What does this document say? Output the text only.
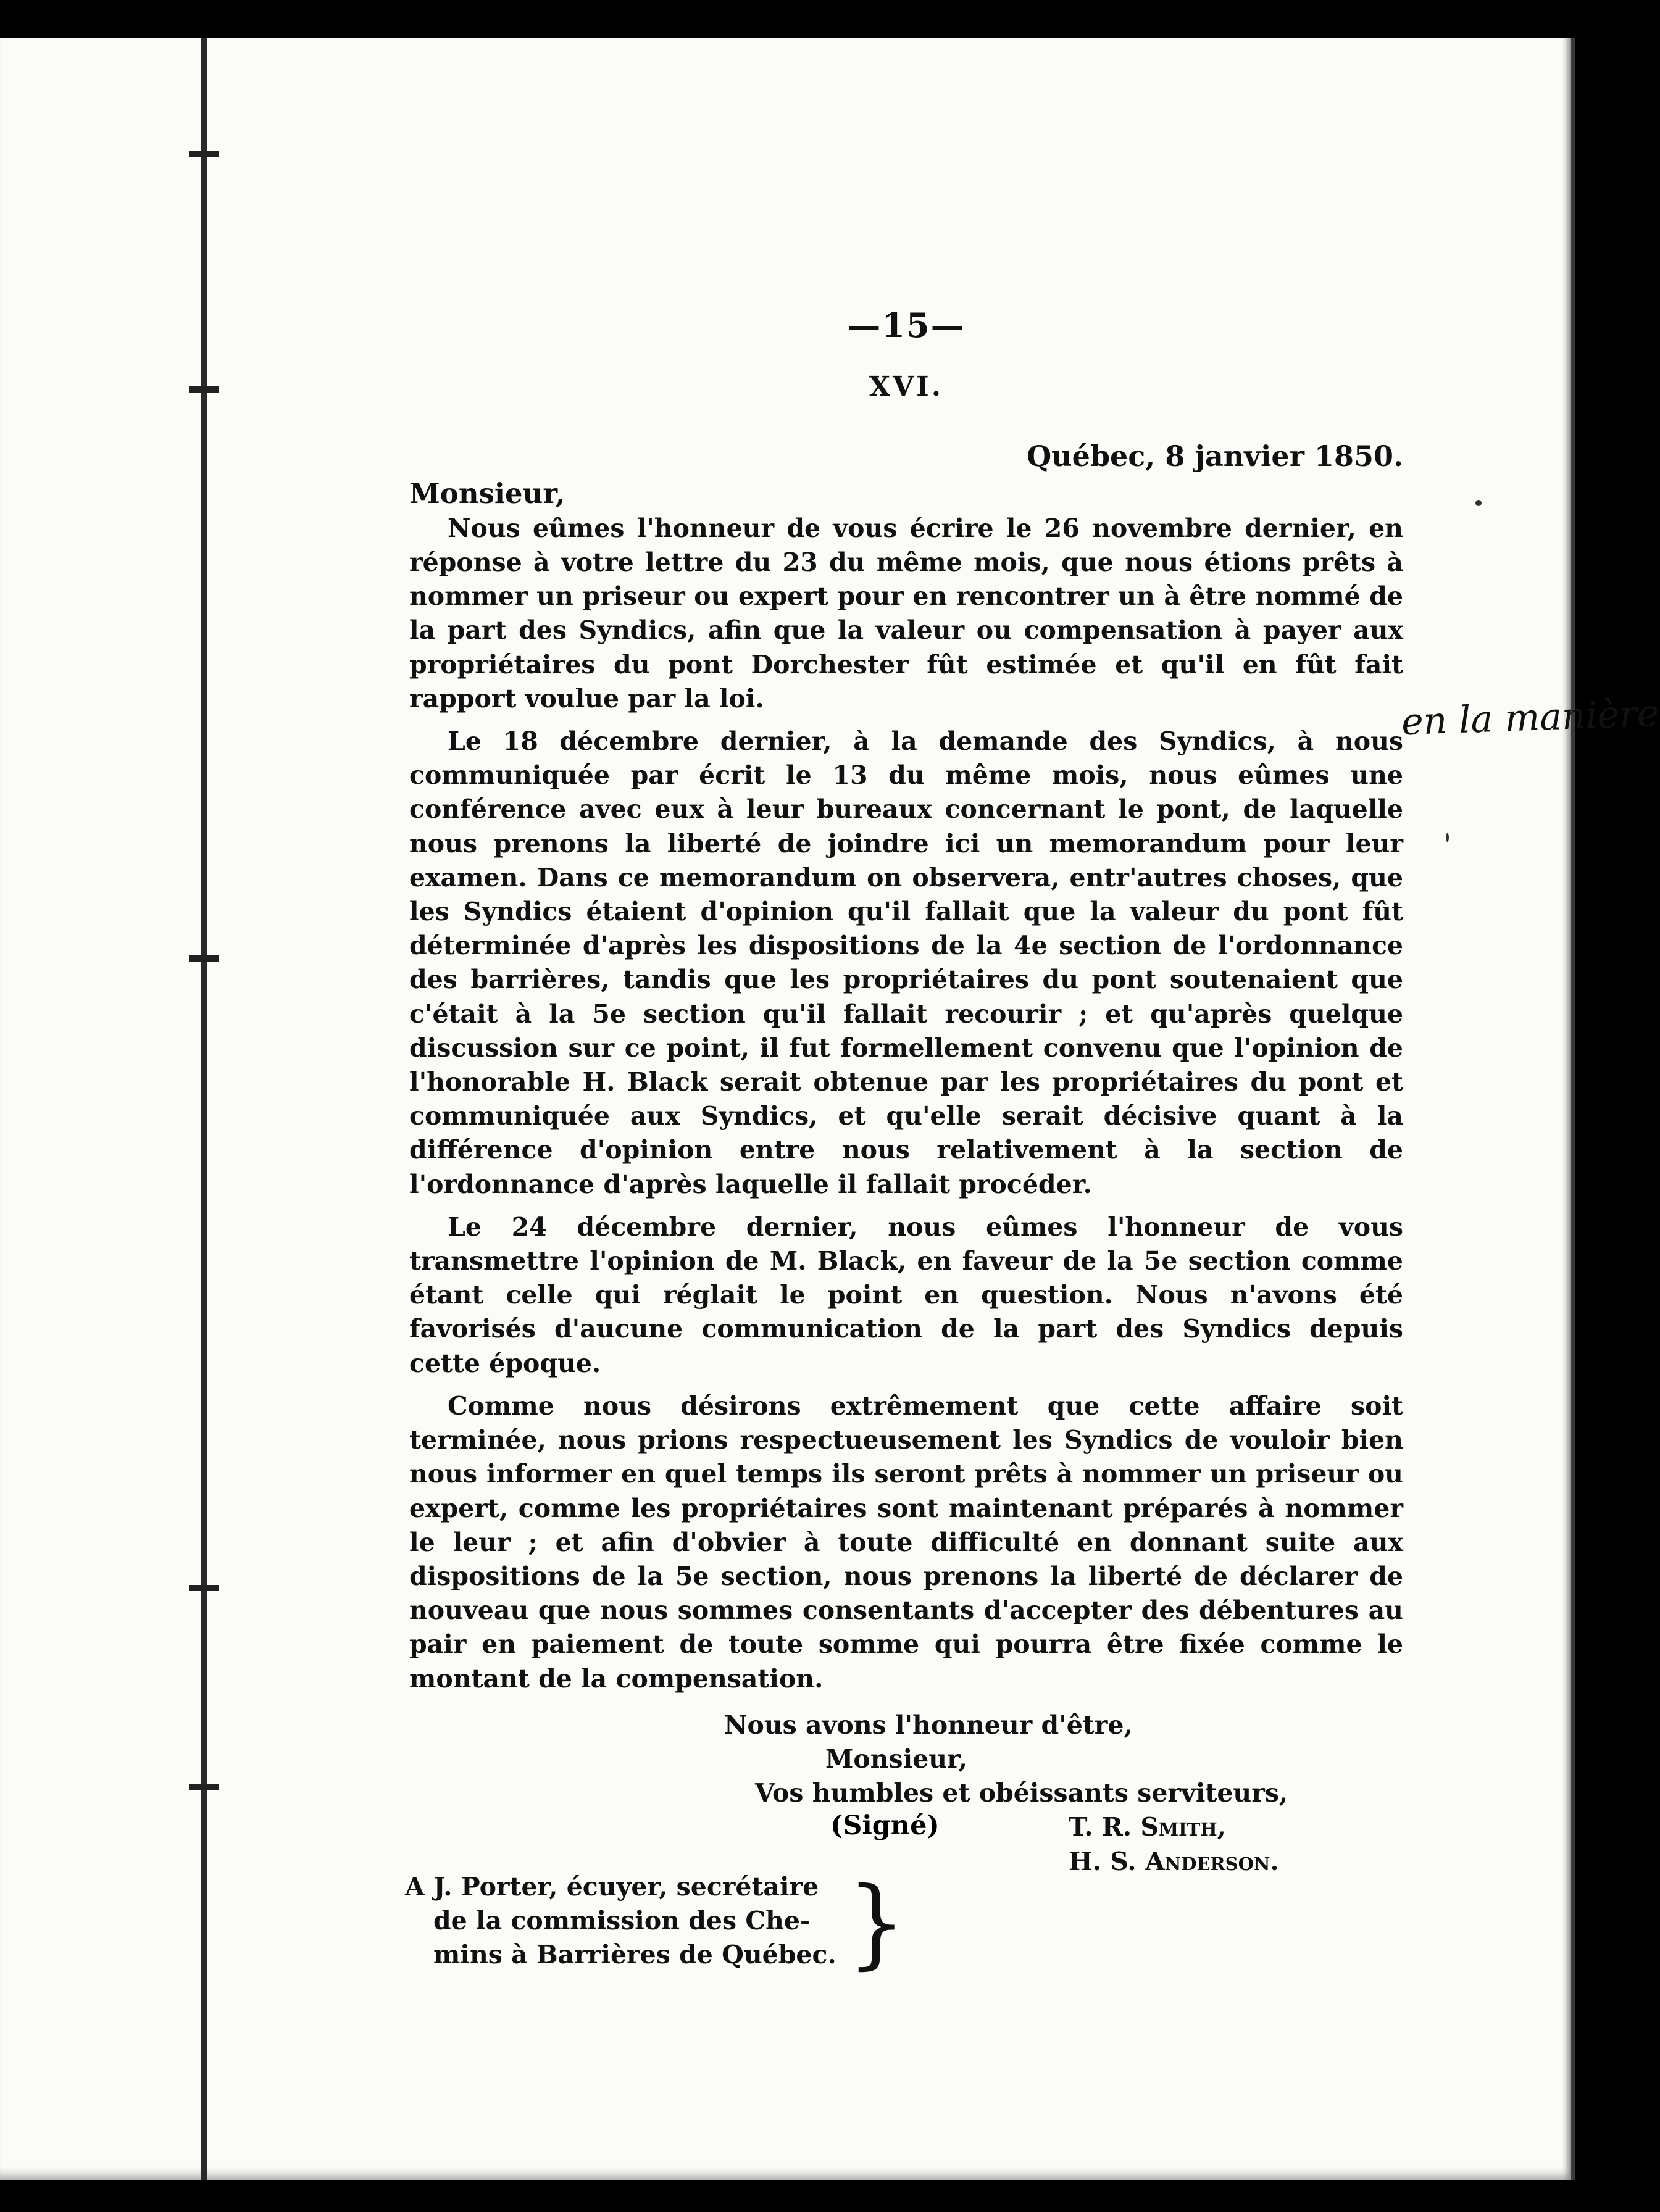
—15—
XVI.
Québec, 8 janvier 1850.
Monsieur,

Nous eûmes l'honneur de vous écrire le 26 novembre dernier, en réponse à votre lettre du 23 du même mois, que nous étions prêts à nommer un priseur ou expert pour en rencontrer un à être nommé de la part des Syndics, afin que la valeur ou compensation à payer aux propriétaires du pont Dorchester fût estimée et qu'il en fût fait rapport voulue par la loi.

Le 18 décembre dernier, à la demande des Syndics, à nous communiquée par écrit le 13 du même mois, nous eûmes une conférence avec eux à leur bureaux concernant le pont, de laquelle nous prenons la liberté de joindre ici un memorandum pour leur examen. Dans ce memorandum on observera, entr'autres choses, que les Syndics étaient d'opinion qu'il fallait que la valeur du pont fût déterminée d'après les dispositions de la 4e section de l'ordonnance des barrières, tandis que les propriétaires du pont soutenaient que c'était à la 5e section qu'il fallait recourir ; et qu'après quelque discussion sur ce point, il fut formellement convenu que l'opinion de l'honorable H. Black serait obtenue par les propriétaires du pont et communiquée aux Syndics, et qu'elle serait décisive quant à la différence d'opinion entre nous relativement à la section de l'ordonnance d'après laquelle il fallait procéder.

Le 24 décembre dernier, nous eûmes l'honneur de vous transmettre l'opinion de M. Black, en faveur de la 5e section comme étant celle qui réglait le point en question. Nous n'avons été favorisés d'aucune communication de la part des Syndics depuis cette époque.

Comme nous désirons extrêmement que cette affaire soit terminée, nous prions respectueusement les Syndics de vouloir bien nous informer en quel temps ils seront prêts à nommer un priseur ou expert, comme les propriétaires sont maintenant préparés à nommer le leur ; et afin d'obvier à toute difficulté en donnant suite aux dispositions de la 5e section, nous prenons la liberté de déclarer de nouveau que nous sommes consentants d'accepter des débentures au pair en paiement de toute somme qui pourra être fixée comme le montant de la compensation.

Nous avons l'honneur d'être,
Monsieur,
Vos humbles et obéissants serviteurs,
T. R. Smith,
H. S. Anderson.
(Signé)
A J. Porter, écuyer, secrétaire
de la commission des Che-
mins à Barrières de Québec. }
en la manière
